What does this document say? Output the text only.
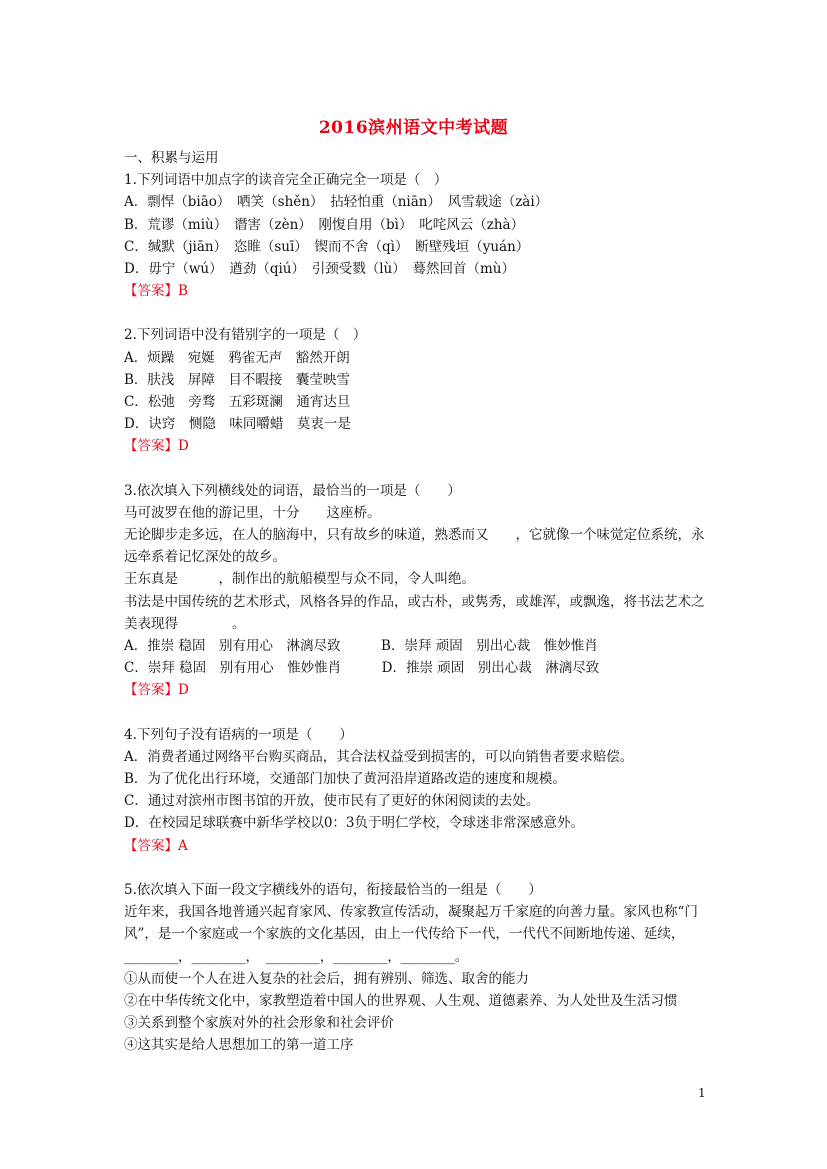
2016滨州语文中考试题
一、积累与运用
1.下列词语中加点字的读音完全正确完全一项是（　）
A．剽悍（biāo）　哂笑（shěn）　拈轻怕重（niān）　风雪载途（zài）
B．荒谬（miù）　谮害（zèn）　刚愎自用（bì）　叱咤风云（zhà）
C．缄默（jiān）　恣睢（suī）　锲而不舍（qì）　断壁残垣（yuán）
D．毋宁（wú）　遒劲（qiú）　引颈受戮（lù）　蓦然回首（mù）
【答案】B
2.下列词语中没有错别字的一项是（　）
A．烦躁　宛娫　鸦雀无声　豁然开朗
B．肤浅　屏障　目不暇接　囊莹映雪
C．松弛　旁骛　五彩斑澜　通宵达旦
D．诀窍　恻隐　味同嚼蜡　莫衷一是
【答案】D
3.依次填入下列横线处的词语，最恰当的一项是（　　）
马可波罗在他的游记里，十分　　这座桥。
无论脚步走多远，在人的脑海中，只有故乡的味道，熟悉而又　　，它就像一个味觉定位系统，永远牵系着记忆深处的故乡。
王东真是　　　，制作出的航船模型与众不同，令人叫绝。
书法是中国传统的艺术形式，风格各异的作品，或古朴，或隽秀，或雄浑，或飘逸，将书法艺术之美表现得　　　　。
A．推崇 稳固　别有用心　淋漓尽致　　　B．崇拜 顽固　别出心裁　惟妙惟肖
C．崇拜 稳固　别有用心　惟妙惟肖　　　D．推崇 顽固　别出心裁　淋漓尽致
【答案】D
4.下列句子没有语病的一项是（　　）
A．消费者通过网络平台购买商品，其合法权益受到损害的，可以向销售者要求赔偿。
B．为了优化出行环境，交通部门加快了黄河沿岸道路改造的速度和规模。
C．通过对滨州市图书馆的开放，使市民有了更好的休闲阅读的去处。
D．在校园足球联赛中新华学校以0：3负于明仁学校，令球迷非常深感意外。
【答案】A
5.依次填入下面一段文字横线外的语句，衔接最恰当的一组是（　　）
近年来，我国各地普通兴起育家风、传家教宣传活动，凝聚起万千家庭的向善力量。家风也称“门风”，是一个家庭或一个家族的文化基因，由上一代传给下一代，一代代不间断地传递、延续，________，________，　________，________，________。
①从而使一个人在进入复杂的社会后，拥有辨别、筛选、取舍的能力
②在中华传统文化中，家教塑造着中国人的世界观、人生观、道德素养、为人处世及生活习惯
③关系到整个家族对外的社会形象和社会评价
④这其实是给人思想加工的第一道工序
1
